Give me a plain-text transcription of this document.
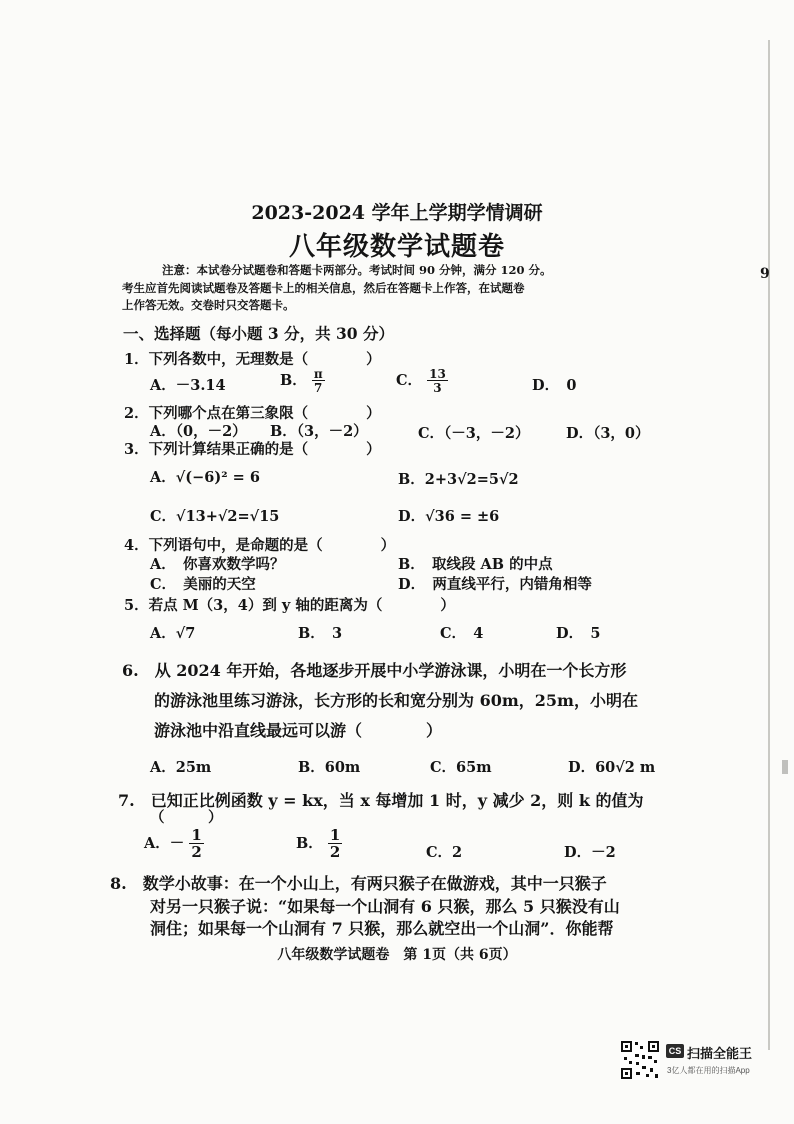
9
2023-2024 学年上学期学情调研
八年级数学试题卷
注意：本试卷分试题卷和答题卡两部分。考试时间 90 分钟，满分 120 分。
考生应首先阅读试题卷及答题卡上的相关信息，然后在答题卡上作答，在试题卷
上作答无效。交卷时只交答题卡。
一、选择题（每小题 3 分，共 30 分）
1．下列各数中，无理数是（　　　　）
A．－3.14	B． $\frac{\pi}{7}$	C． $\frac{13}{3}$	D．　0
2．下列哪个点在第三象限（　　　　）
A．（0，－2） B．（3，－2）	C．（－3，－2）	D．（3，0）
3．下列计算结果正确的是（　　　　）
A．√(−6)² = 6	B．2+3√2=5√2
C．√13+√2=√15	D．√36 = ±6
4．下列语句中，是命题的是（　　　　）
A．　你喜欢数学吗？	B．　取线段 AB 的中点
C．　美丽的天空	D．　两直线平行，内错角相等
5．若点 M（3，4）到 y 轴的距离为（　　　　）
A．√7	B．　3	C．　4	D．　5
6.　从 2024 年开始，各地逐步开展中小学游泳课，小明在一个长方形
的游泳池里练习游泳，长方形的长和宽分别为 60m，25m，小明在
游泳池中沿直线最远可以游（　　　　）
A．25m	B．60m	C．65m	D．60√2 m
7.　已知正比例函数 y = kx，当 x 每增加 1 时，y 减少 2，则 k 的值为
（　　　）
A．－ $\frac{1}{2}$	B． $\frac{1}{2}$	C．2	D．－2
8.　数学小故事：在一个小山上，有两只猴子在做游戏，其中一只猴子
对另一只猴子说：“如果每一个山洞有 6 只猴，那么 5 只猴没有山
洞住；如果每一个山洞有 7 只猴，那么就空出一个山洞”．你能帮
八年级数学试题卷　第 1页（共 6页）
CS 扫描全能王
3亿人都在用的扫描App
